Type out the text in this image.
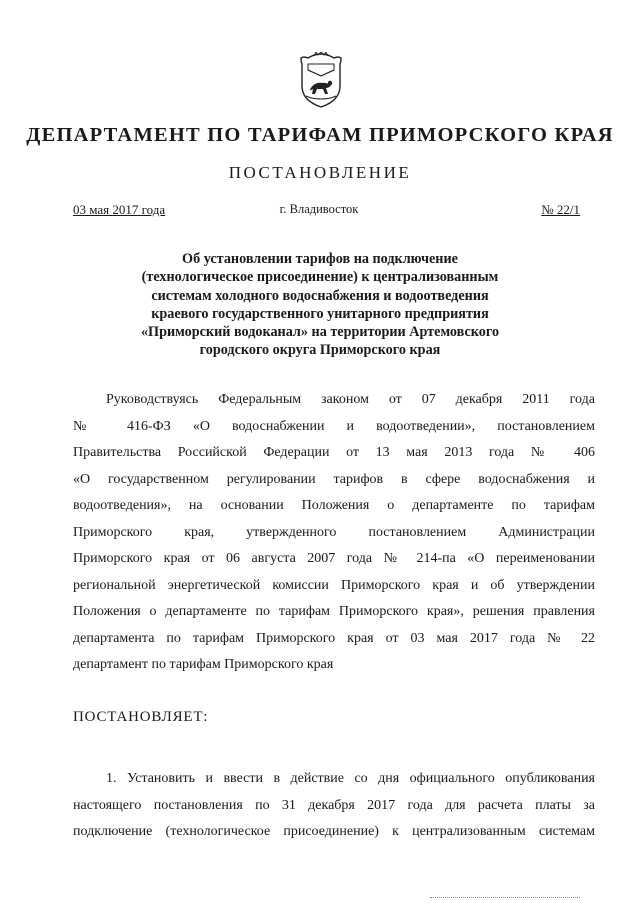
ДЕПАРТАМЕНТ ПО ТАРИФАМ ПРИМОРСКОГО КРАЯ
ПОСТАНОВЛЕНИЕ
03 мая 2017 года	г. Владивосток	№ 22/1
Об установлении тарифов на подключение
(технологическое присоединение) к централизованным
системам холодного водоснабжения и водоотведения
краевого государственного унитарного предприятия
«Приморский водоканал» на территории Артемовского
городского округа Приморского края
Руководствуясь Федеральным законом от 07 декабря 2011 года
№ 416-ФЗ «О водоснабжении и водоотведении», постановлением
Правительства Российской Федерации от 13 мая 2013 года № 406
«О государственном регулировании тарифов в сфере водоснабжения и
водоотведения», на основании Положения о департаменте по тарифам
Приморского края, утвержденного постановлением Администрации
Приморского края от 06 августа 2007 года № 214-па «О переименовании
региональной энергетической комиссии Приморского края и об утверждении
Положения о департаменте по тарифам Приморского края», решения правления
департамента по тарифам Приморского края от 03 мая 2017 года № 22
департамент по тарифам Приморского края
ПОСТАНОВЛЯЕТ:
1. Установить и ввести в действие со дня официального опубликования
настоящего постановления по 31 декабря 2017 года для расчета платы за
подключение (технологическое присоединение) к централизованным системам
